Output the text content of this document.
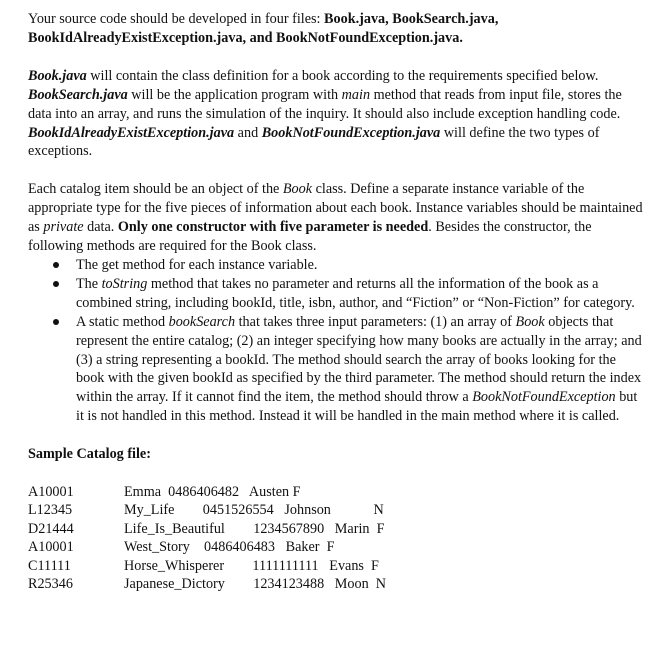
Your source code should be developed in four files: Book.java, BookSearch.java, BookIdAlreadyExistException.java, and BookNotFoundException.java.

Book.java will contain the class definition for a book according to the requirements specified below. BookSearch.java will be the application program with main method that reads from input file, stores the data into an array, and runs the simulation of the inquiry. It should also include exception handling code. BookIdAlreadyExistException.java and BookNotFoundException.java will define the two types of exceptions.

Each catalog item should be an object of the Book class. Define a separate instance variable of the appropriate type for the five pieces of information about each book. Instance variables should be maintained as private data. Only one constructor with five parameter is needed. Besides the constructor, the following methods are required for the Book class.

The get method for each instance variable.
The toString method that takes no parameter and returns all the information of the book as a combined string, including bookId, title, isbn, author, and “Fiction” or “Non-Fiction” for category.
A static method bookSearch that takes three input parameters: (1) an array of Book objects that represent the entire catalog; (2) an integer specifying how many books are actually in the array; and (3) a string representing a bookId. The method should search the array of books looking for the book with the given bookId as specified by the third parameter. The method should return the index within the array. If it cannot find the item, the method should throw a BookNotFoundException but it is not handled in this method. Instead it will be handled in the main method where it is called.

Sample Catalog file:

A10001	Emma  0486406482   Austen F
L12345	My_Life        0451526554   Johnson            N
D21444	Life_Is_Beautiful        1234567890   Marin  F
A10001	West_Story    0486406483   Baker  F
C11111	Horse_Whisperer        1111111111   Evans  F
R25346	Japanese_Dictory        1234123488   Moon  N
